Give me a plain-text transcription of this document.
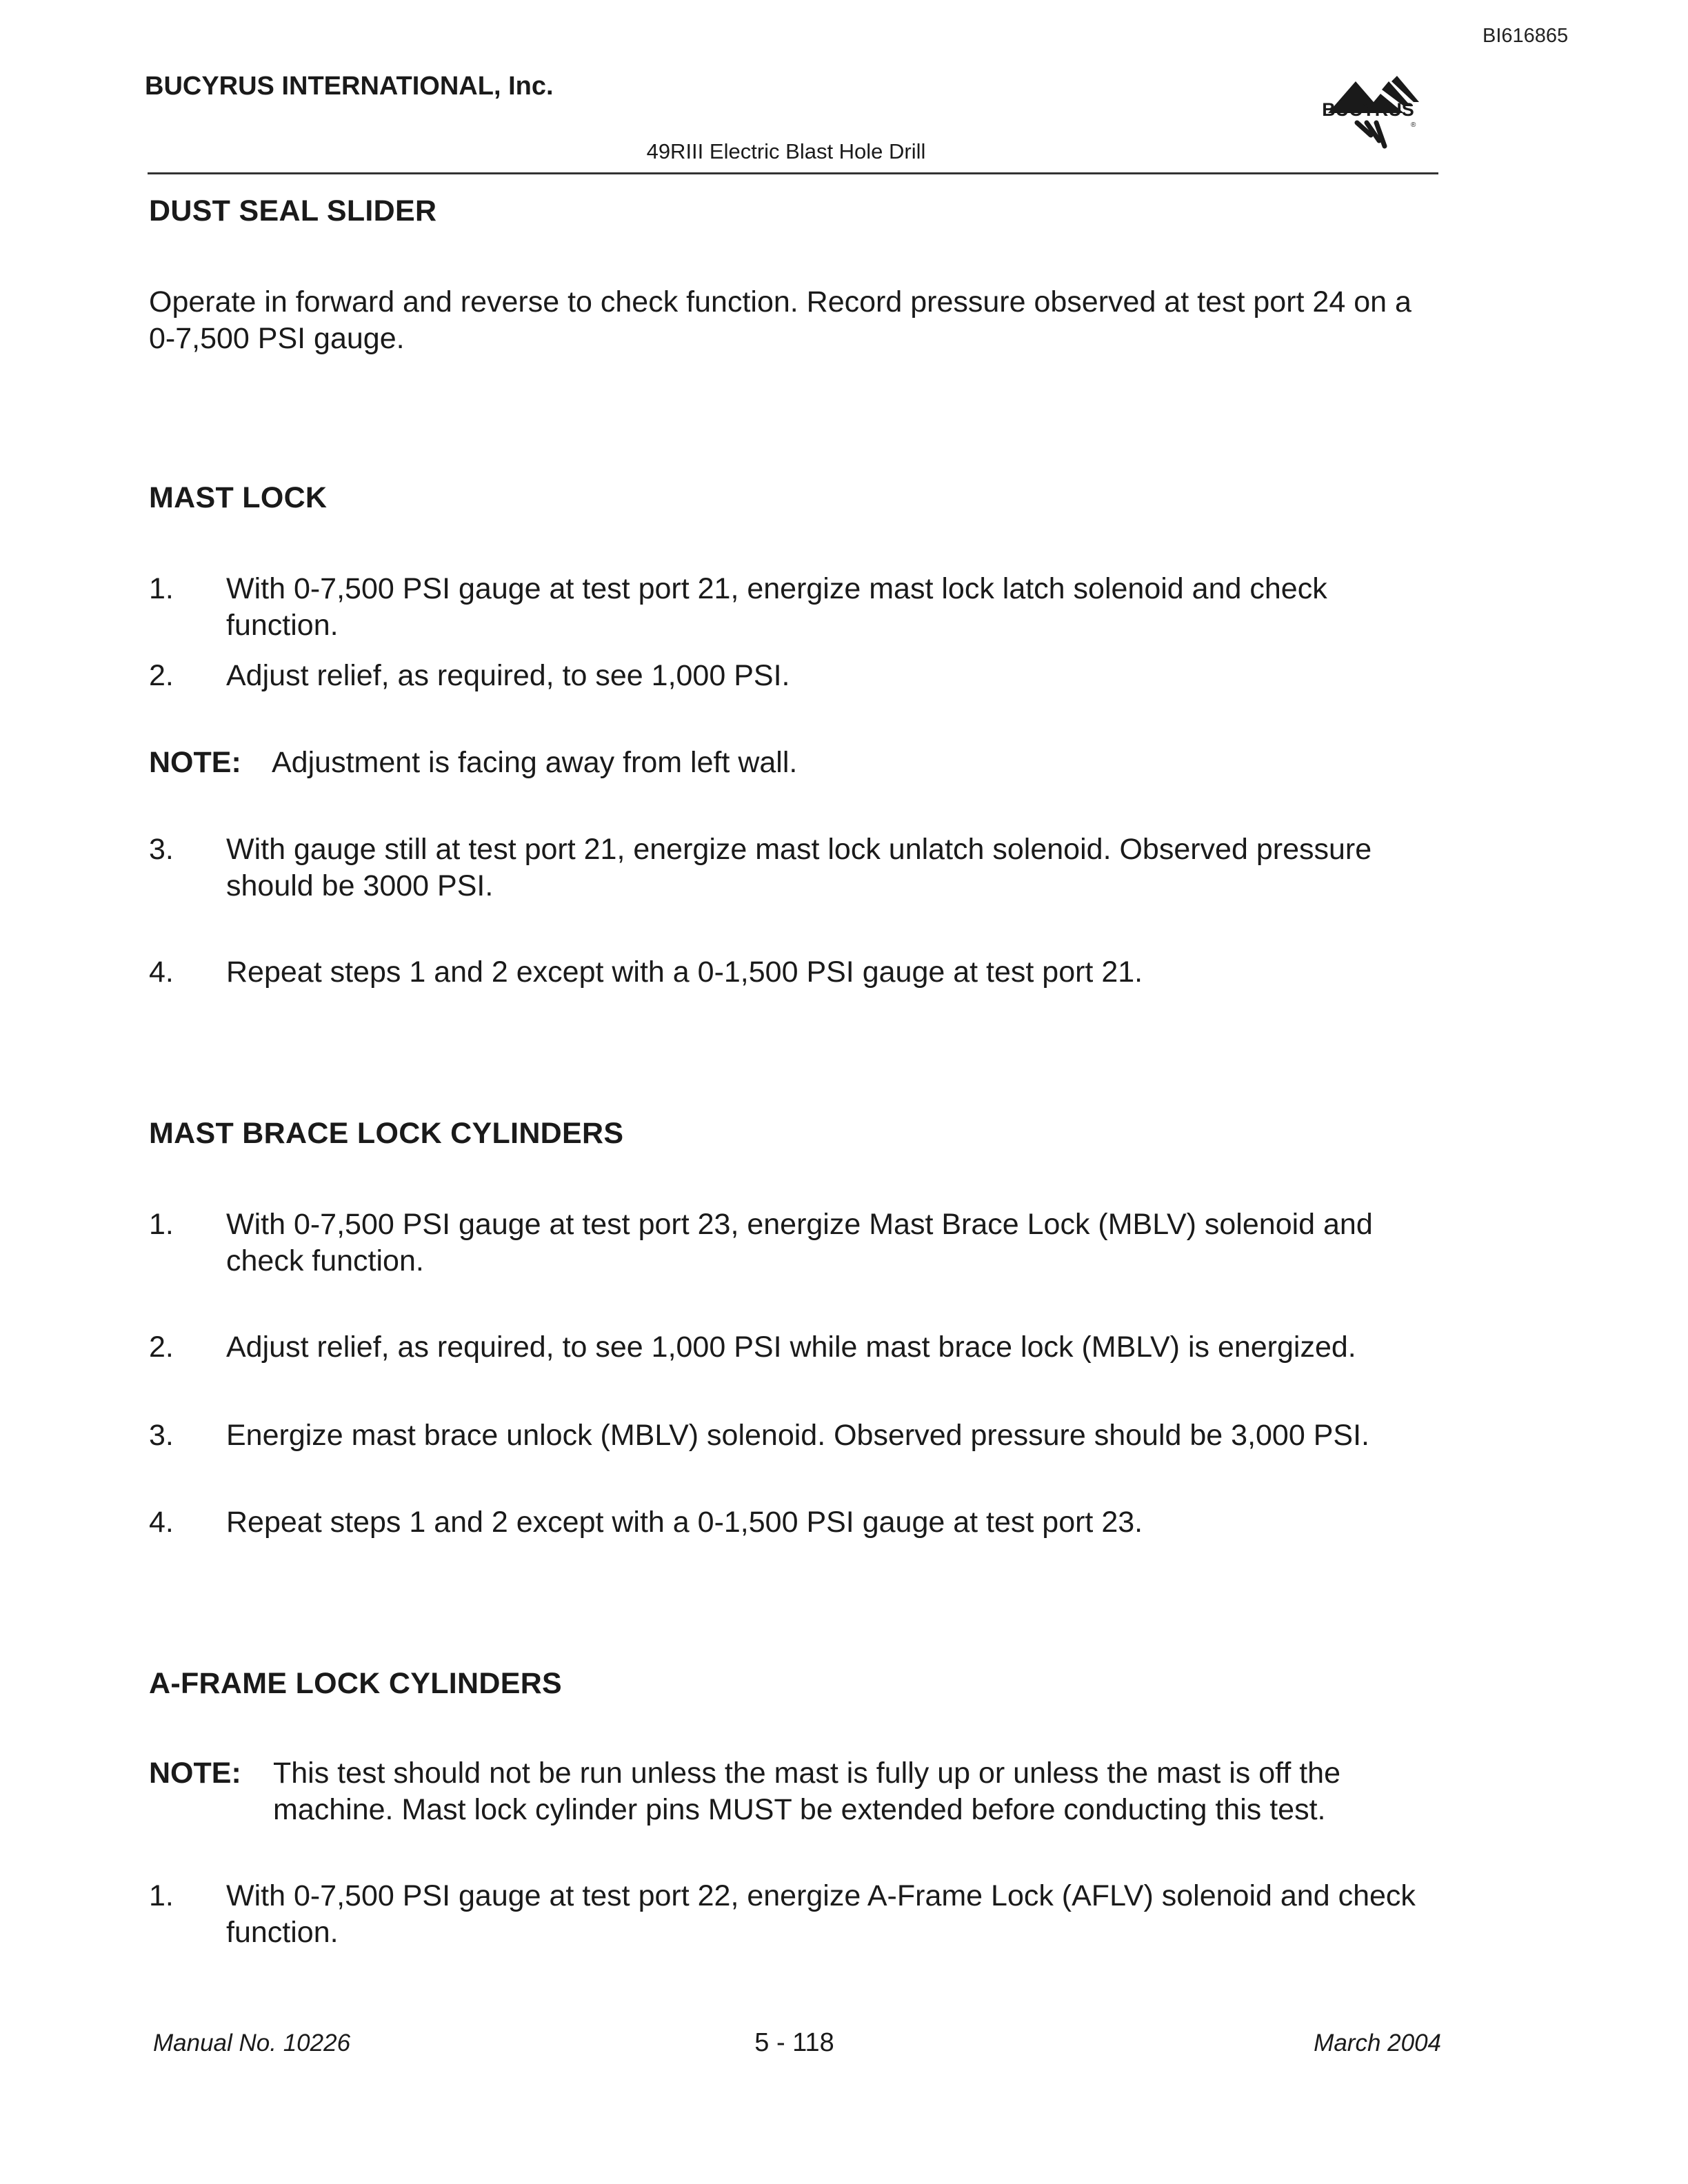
BI616865
BUCYRUS INTERNATIONAL, Inc.
BUCYRUS
®
49RIII Electric Blast Hole Drill
DUST SEAL SLIDER
Operate in forward and reverse to check function. Record pressure observed at test port 24 on a 0-7,500 PSI gauge.
MAST LOCK
1. With 0-7,500 PSI gauge at test port 21, energize mast lock latch solenoid and check function.
2. Adjust relief, as required, to see 1,000 PSI.
NOTE: Adjustment is facing away from left wall.
3. With gauge still at test port 21, energize mast lock unlatch solenoid. Observed pressure should be 3000 PSI.
4. Repeat steps 1 and 2 except with a 0-1,500 PSI gauge at test port 21.
MAST BRACE LOCK CYLINDERS
1. With 0-7,500 PSI gauge at test port 23, energize Mast Brace Lock (MBLV) solenoid and check function.
2. Adjust relief, as required, to see 1,000 PSI while mast brace lock (MBLV) is energized.
3. Energize mast brace unlock (MBLV) solenoid. Observed pressure should be 3,000 PSI.
4. Repeat steps 1 and 2 except with a 0-1,500 PSI gauge at test port 23.
A-FRAME LOCK CYLINDERS
NOTE: This test should not be run unless the mast is fully up or unless the mast is off the machine. Mast lock cylinder pins MUST be extended before conducting this test.
1. With 0-7,500 PSI gauge at test port 22, energize A-Frame Lock (AFLV) solenoid and check function.
Manual No. 10226	5 - 118	March 2004
